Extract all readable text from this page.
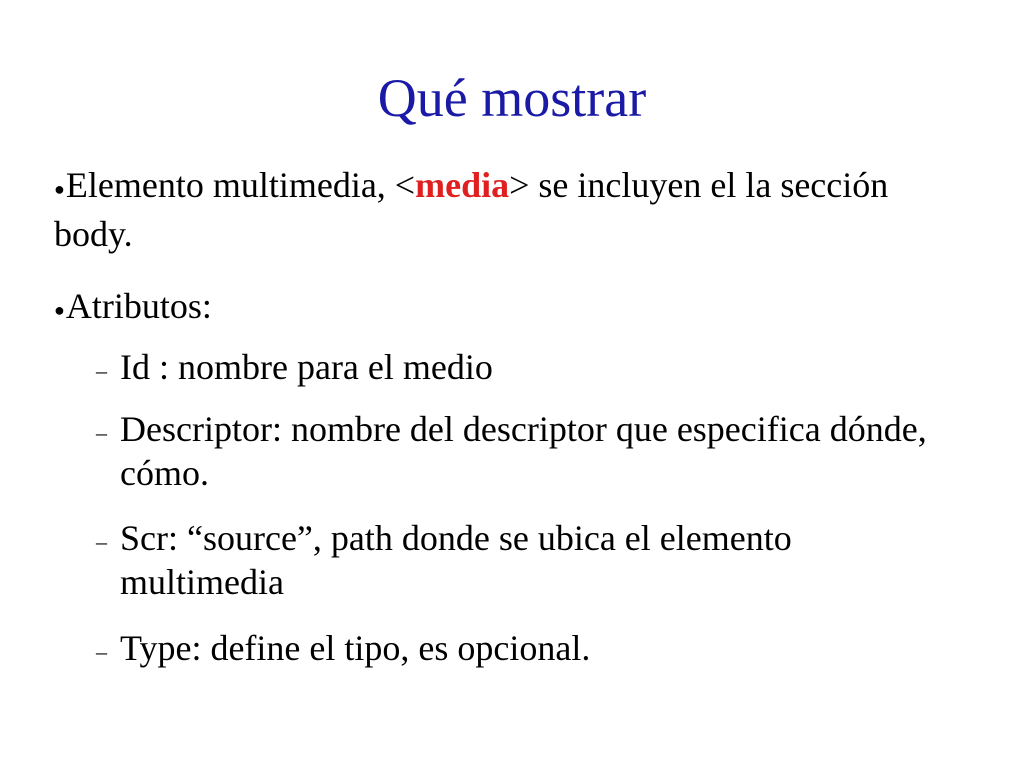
Qué mostrar
●Elemento multimedia, <media> se incluyen el la sección body.
●Atributos:
– Id : nombre para el medio
– Descriptor: nombre del descriptor que especifica dónde, cómo.
– Scr: “source”, path donde se ubica el elemento multimedia
– Type: define el tipo, es opcional.
